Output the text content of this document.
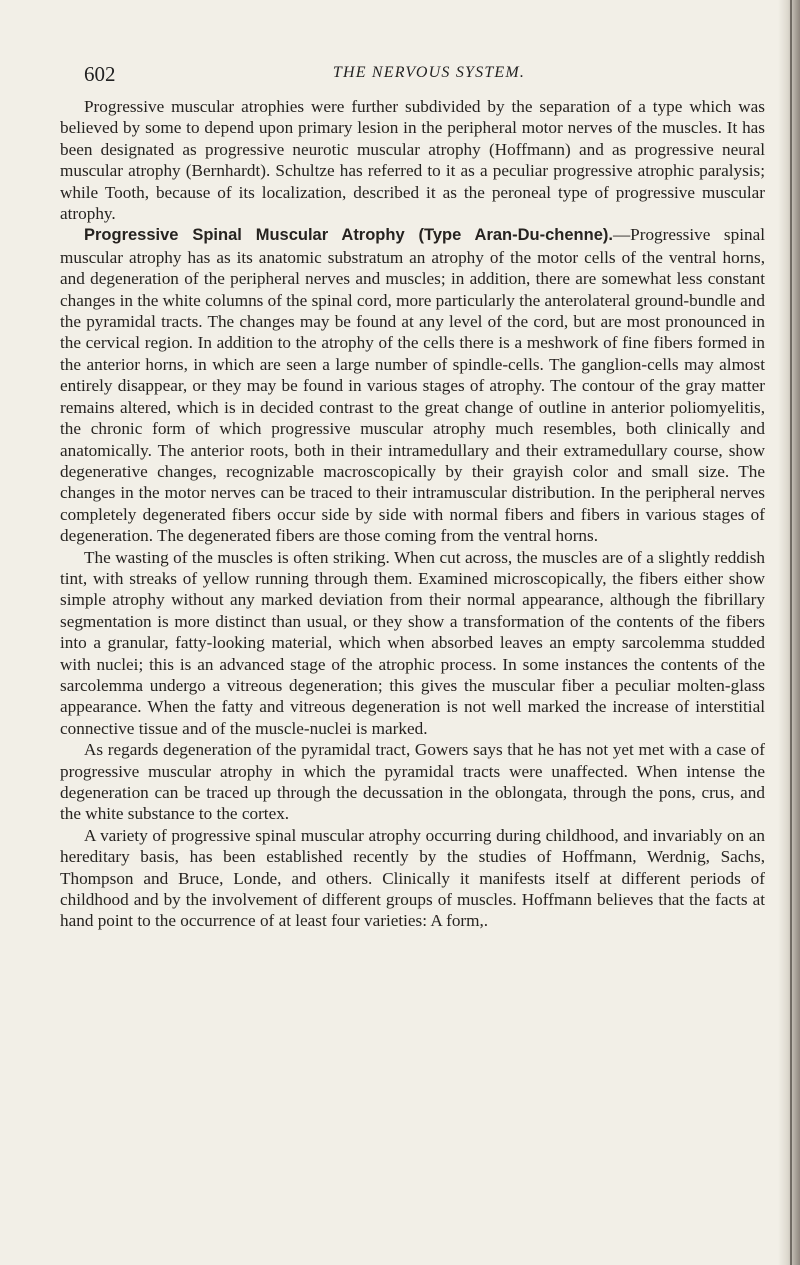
602	THE NERVOUS SYSTEM.

Progressive muscular atrophies were further subdivided by the separation of a type which was believed by some to depend upon primary lesion in the peripheral motor nerves of the muscles. It has been designated as progressive neurotic muscular atrophy (Hoffmann) and as progressive neural muscular atrophy (Bernhardt). Schultze has referred to it as a peculiar progressive atrophic paralysis; while Tooth, because of its localization, described it as the peroneal type of progressive muscular atrophy.

Progressive Spinal Muscular Atrophy (Type Aran-Du-chenne).—Progressive spinal muscular atrophy has as its anatomic substratum an atrophy of the motor cells of the ventral horns, and degeneration of the peripheral nerves and muscles; in addition, there are somewhat less constant changes in the white columns of the spinal cord, more particularly the anterolateral ground-bundle and the pyramidal tracts. The changes may be found at any level of the cord, but are most pronounced in the cervical region. In addition to the atrophy of the cells there is a meshwork of fine fibers formed in the anterior horns, in which are seen a large number of spindle-cells. The ganglion-cells may almost entirely disappear, or they may be found in various stages of atrophy. The contour of the gray matter remains altered, which is in decided contrast to the great change of outline in anterior poliomyelitis, the chronic form of which progressive muscular atrophy much resembles, both clinically and anatomically. The anterior roots, both in their intramedullary and their extramedullary course, show degenerative changes, recognizable macroscopically by their grayish color and small size. The changes in the motor nerves can be traced to their intramuscular distribution. In the peripheral nerves completely degenerated fibers occur side by side with normal fibers and fibers in various stages of degeneration. The degenerated fibers are those coming from the ventral horns.

The wasting of the muscles is often striking. When cut across, the muscles are of a slightly reddish tint, with streaks of yellow running through them. Examined microscopically, the fibers either show simple atrophy without any marked deviation from their normal appearance, although the fibrillary segmentation is more distinct than usual, or they show a transformation of the contents of the fibers into a granular, fatty-looking material, which when absorbed leaves an empty sarcolemma studded with nuclei; this is an advanced stage of the atrophic process. In some instances the contents of the sarcolemma undergo a vitreous degeneration; this gives the muscular fiber a peculiar molten-glass appearance. When the fatty and vitreous degeneration is not well marked the increase of interstitial connective tissue and of the muscle-nuclei is marked.

As regards degeneration of the pyramidal tract, Gowers says that he has not yet met with a case of progressive muscular atrophy in which the pyramidal tracts were unaffected. When intense the degeneration can be traced up through the decussation in the oblongata, through the pons, crus, and the white substance to the cortex.

A variety of progressive spinal muscular atrophy occurring during childhood, and invariably on an hereditary basis, has been established recently by the studies of Hoffmann, Werdnig, Sachs, Thompson and Bruce, Londe, and others. Clinically it manifests itself at different periods of childhood and by the involvement of different groups of muscles. Hoffmann believes that the facts at hand point to the occurrence of at least four varieties: A form,.
